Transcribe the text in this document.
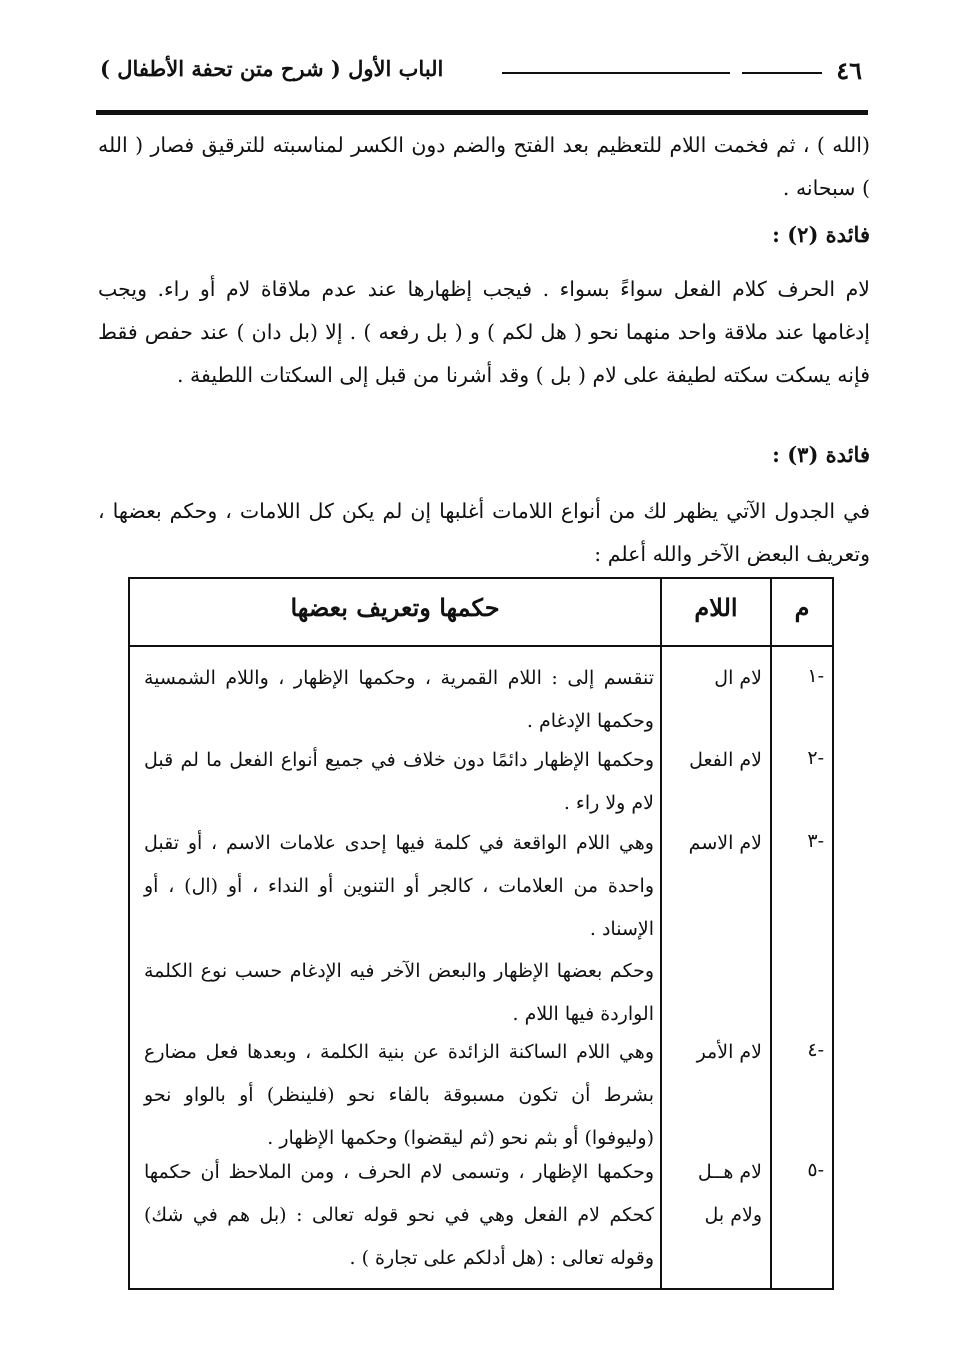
٤٦
الباب الأول ( شرح متن تحفة الأطفال )
(الله ) ، ثم فخمت اللام للتعظيم بعد الفتح والضم دون الكسر لمناسبته للترقيق فصار ( الله ) سبحانه .
فائدة (٢) :
لام الحرف كلام الفعل سواءً بسواء . فيجب إظهارها عند عدم ملاقاة لام أو راء. ويجب إدغامها عند ملاقة واحد منهما نحو ( هل لكم ) و ( بل رفعه ) . إلا (بل دان ) عند حفص فقط فإنه يسكت سكته لطيفة على لام ( بل ) وقد أشرنا من قبل إلى السكتات اللطيفة .
فائدة (٣) :
في الجدول الآتي يظهر لك من أنواع اللامات أغلبها إن لم يكن كل اللامات ، وحكم بعضها ، وتعريف البعض الآخر والله أعلم :
م
اللام
حكمها وتعريف بعضها
-١
لام ال
تنقسم إلى : اللام القمرية ، وحكمها الإظهار ، واللام الشمسية وحكمها الإدغام .
-٢
لام الفعل
وحكمها الإظهار دائمًا دون خلاف في جميع أنواع الفعل ما لم قبل لام ولا راء .
-٣
لام الاسم
وهي اللام الواقعة في كلمة فيها إحدى علامات الاسم ، أو تقبل واحدة من العلامات ، كالجر أو التنوين أو النداء ، أو (ال) ، أو الإسناد .
وحكم بعضها الإظهار والبعض الآخر فيه الإدغام حسب نوع الكلمة الواردة فيها اللام .
-٤
لام الأمر
وهي اللام الساكنة الزائدة عن بنية الكلمة ، وبعدها فعل مضارع بشرط أن تكون مسبوقة بالفاء نحو (فلينظر) أو بالواو نحو (وليوفوا) أو بثم نحو (ثم ليقضوا) وحكمها الإظهار .
-٥
لام هــل ولام بل
وحكمها الإظهار ، وتسمى لام الحرف ، ومن الملاحظ أن حكمها كحكم لام الفعل وهي في نحو قوله تعالى : (بل هم في شك) وقوله تعالى : (هل أدلكم على تجارة ) .
